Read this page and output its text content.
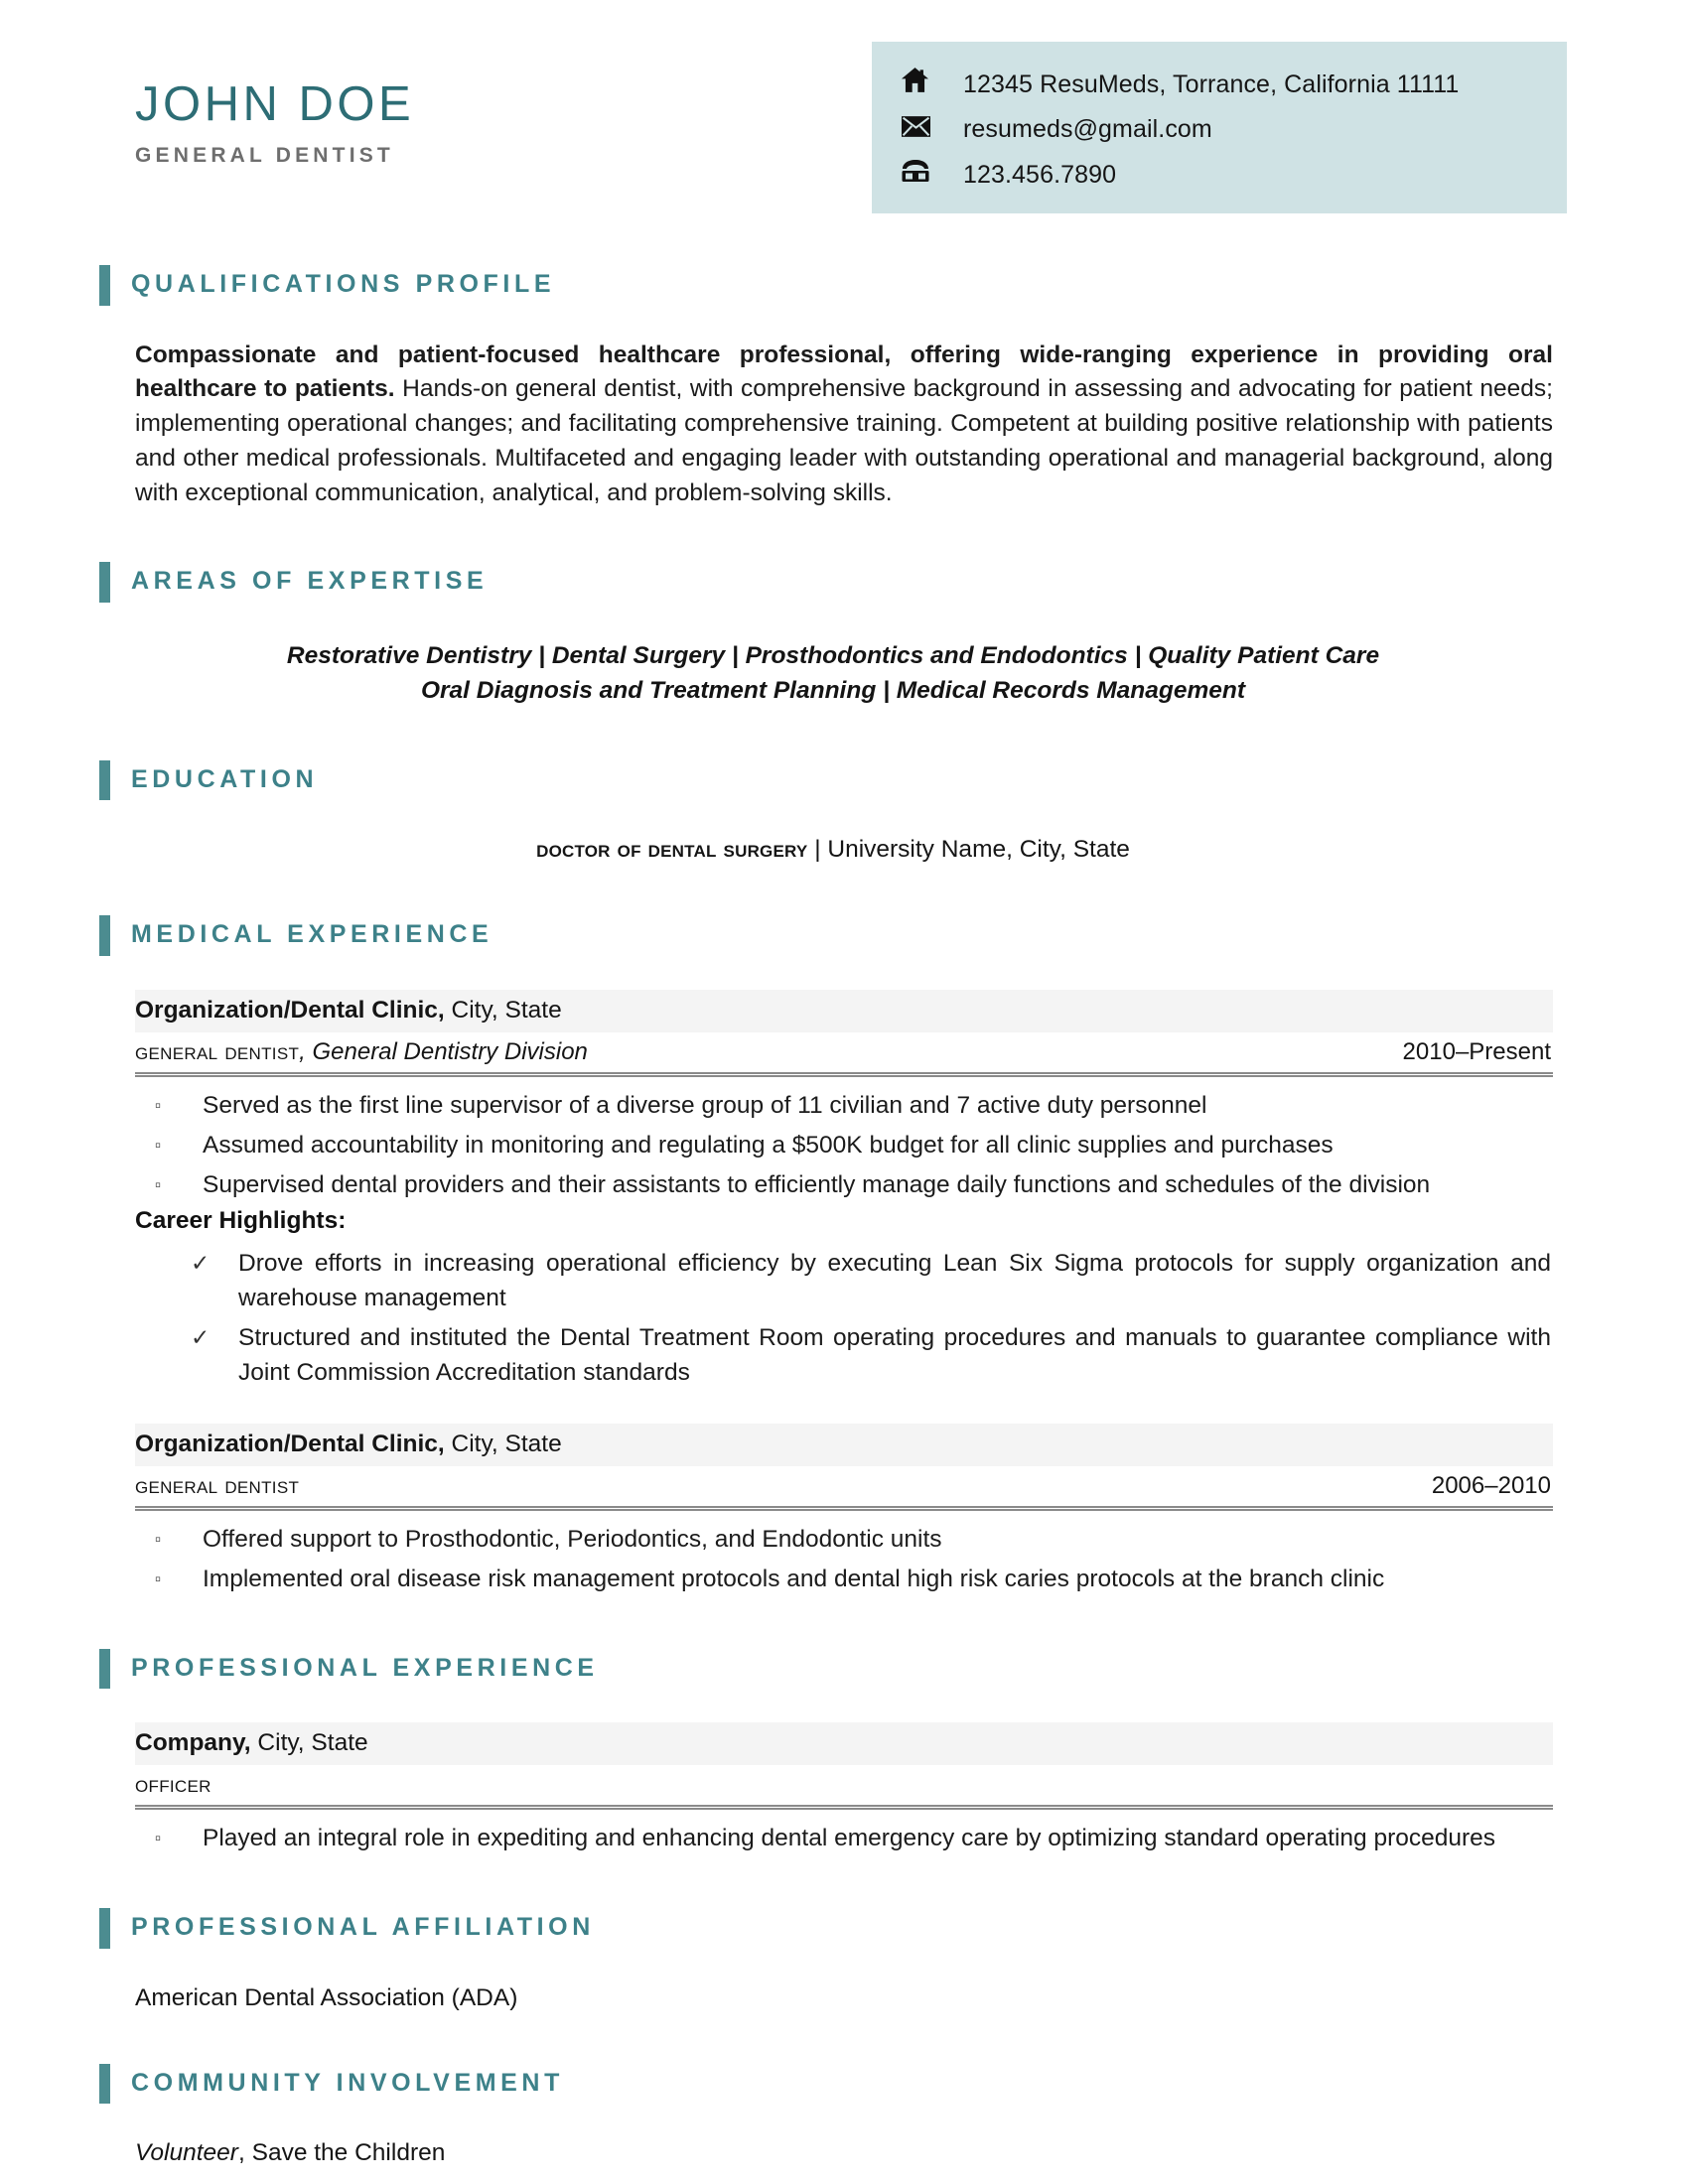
JOHN DOE
GENERAL DENTIST
12345 ResuMeds, Torrance, California 11111
resumeds@gmail.com
123.456.7890
QUALIFICATIONS PROFILE

Compassionate and patient-focused healthcare professional, offering wide-ranging experience in providing oral healthcare to patients. Hands-on general dentist, with comprehensive background in assessing and advocating for patient needs; implementing operational changes; and facilitating comprehensive training. Competent at building positive relationship with patients and other medical professionals. Multifaceted and engaging leader with outstanding operational and managerial background, along with exceptional communication, analytical, and problem-solving skills.

AREAS OF EXPERTISE
Restorative Dentistry | Dental Surgery | Prosthodontics and Endodontics | Quality Patient Care
Oral Diagnosis and Treatment Planning | Medical Records Management
EDUCATION
doctor of dental surgery | University Name, City, State
MEDICAL EXPERIENCE
Organization/Dental Clinic, City, State
general dentist, General Dentistry Division	2010–Present
▫	Served as the first line supervisor of a diverse group of 11 civilian and 7 active duty personnel
▫	Assumed accountability in monitoring and regulating a $500K budget for all clinic supplies and purchases
▫	Supervised dental providers and their assistants to efficiently manage daily functions and schedules of the division
Career Highlights:
✓	Drove efforts in increasing operational efficiency by executing Lean Six Sigma protocols for supply organization and warehouse management
✓	Structured and instituted the Dental Treatment Room operating procedures and manuals to guarantee compliance with Joint Commission Accreditation standards
Organization/Dental Clinic, City, State
general dentist	2006–2010
▫	Offered support to Prosthodontic, Periodontics, and Endodontic units
▫	Implemented oral disease risk management protocols and dental high risk caries protocols at the branch clinic
PROFESSIONAL EXPERIENCE
Company, City, State
officer
▫	Played an integral role in expediting and enhancing dental emergency care by optimizing standard operating procedures
PROFESSIONAL AFFILIATION
American Dental Association (ADA)
COMMUNITY INVOLVEMENT
Volunteer, Save the Children
